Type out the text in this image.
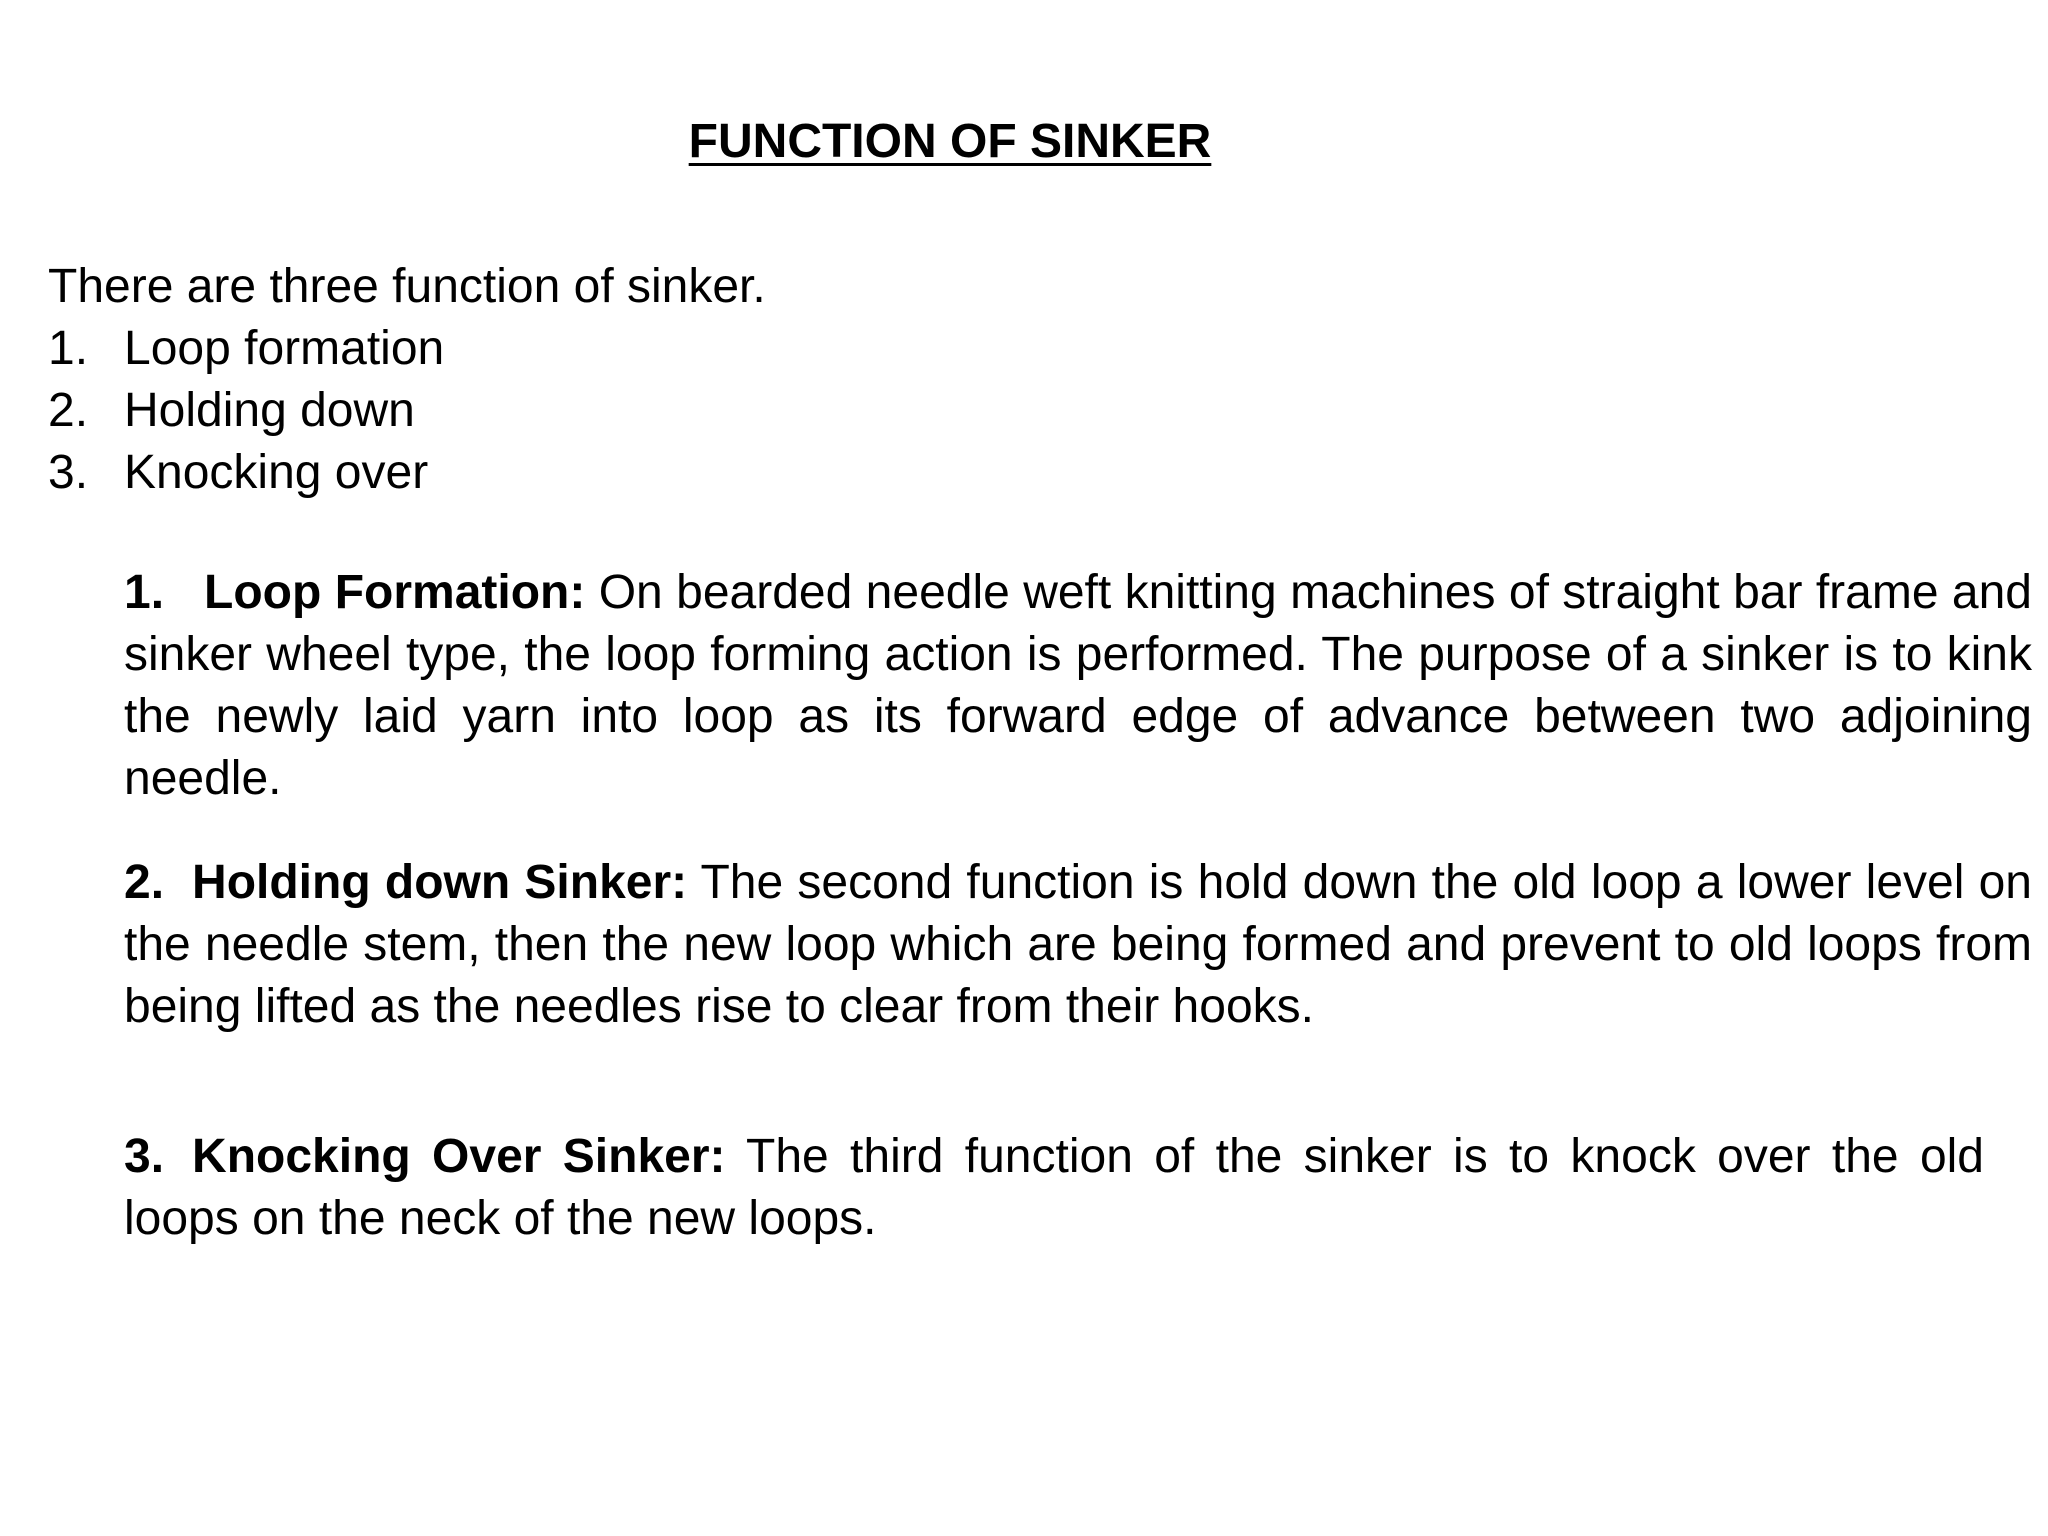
FUNCTION OF SINKER

There are three function of sinker.

1. Loop formation
2. Holding down
3. Knocking over

1. Loop Formation: On bearded needle weft knitting machines of straight bar frame and sinker wheel type, the loop forming action is performed. The purpose of a sinker is to kink the newly laid yarn into loop as its forward edge of advance between two adjoining needle.

2. Holding down Sinker: The second function is hold down the old loop a lower level on the needle stem, then the new loop which are being formed and prevent to old loops from being lifted as the needles rise to clear from their hooks.

3. Knocking Over Sinker: The third function of the sinker is to knock over the old loops on the neck of the new loops.
